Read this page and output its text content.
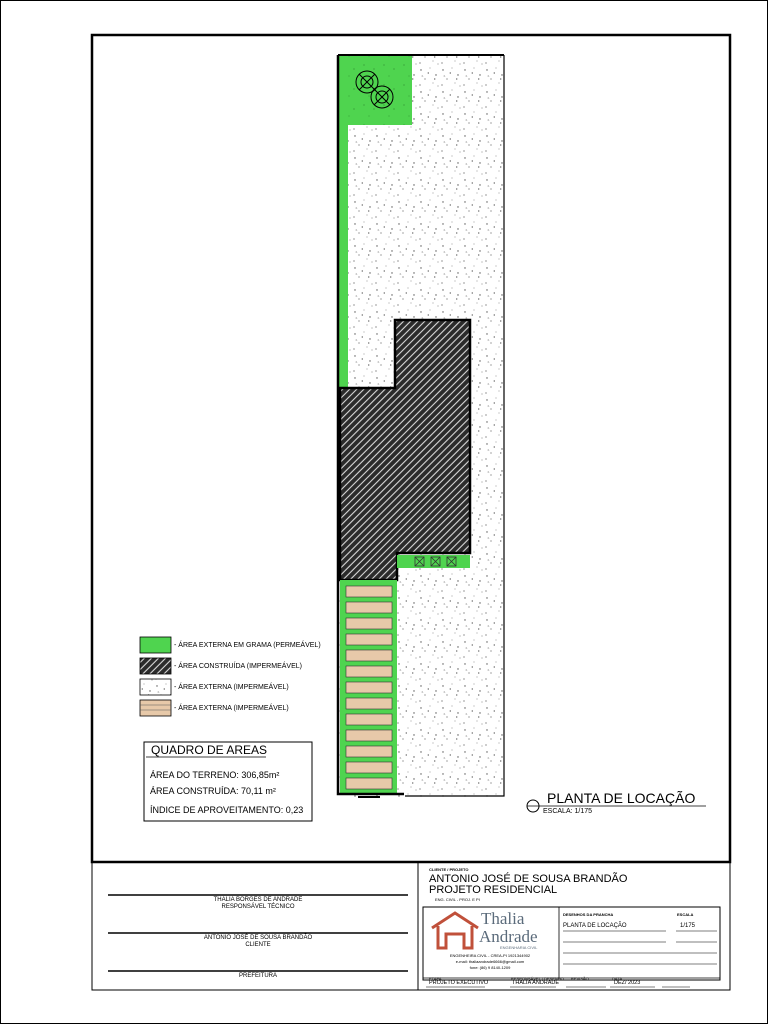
- ÁREA EXTERNA EM GRAMA (PERMEÁVEL)
- ÁREA CONSTRUÍDA (IMPERMEÁVEL)
- ÁREA EXTERNA (IMPERMEÁVEL)
- ÁREA EXTERNA (IMPERMEÁVEL)
QUADRO DE AREAS
ÁREA DO TERRENO: 306,85m²
ÁREA CONSTRUÍDA: 70,11 m²
ÍNDICE DE APROVEITAMENTO: 0,23
PLANTA DE LOCAÇÃO
ESCALA: 1/175
THALIA BORGES DE ANDRADE
RESPONSÁVEL TÉCNICO
ANTONIO JOSÉ DE SOUSA BRANDÃO
CLIENTE
PREFEITURA
CLIENTE / PROJETO
ANTONIO JOSÉ DE SOUSA BRANDÃO
PROJETO RESIDENCIAL
ENG. CIVIL - PROJ. E PI
Thalia
Andrade
ENGENHARIA CIVIL
ENGENHEIRA CIVIL - CREA-PI 1921344902
e-mail: thaliaandrade6666@gmail.com
fone: (86) 9 8140-1209
DESENHOS DA PRANCHA
PLANTA DE LOCAÇÃO
ESCALA
1/175
ETAPA
PROJETO EXECUTIVO
RESPONSÁVEL / DESENHO
THALIA ANDRADE
REVISÃO	DATA
DEZ/ 2023
